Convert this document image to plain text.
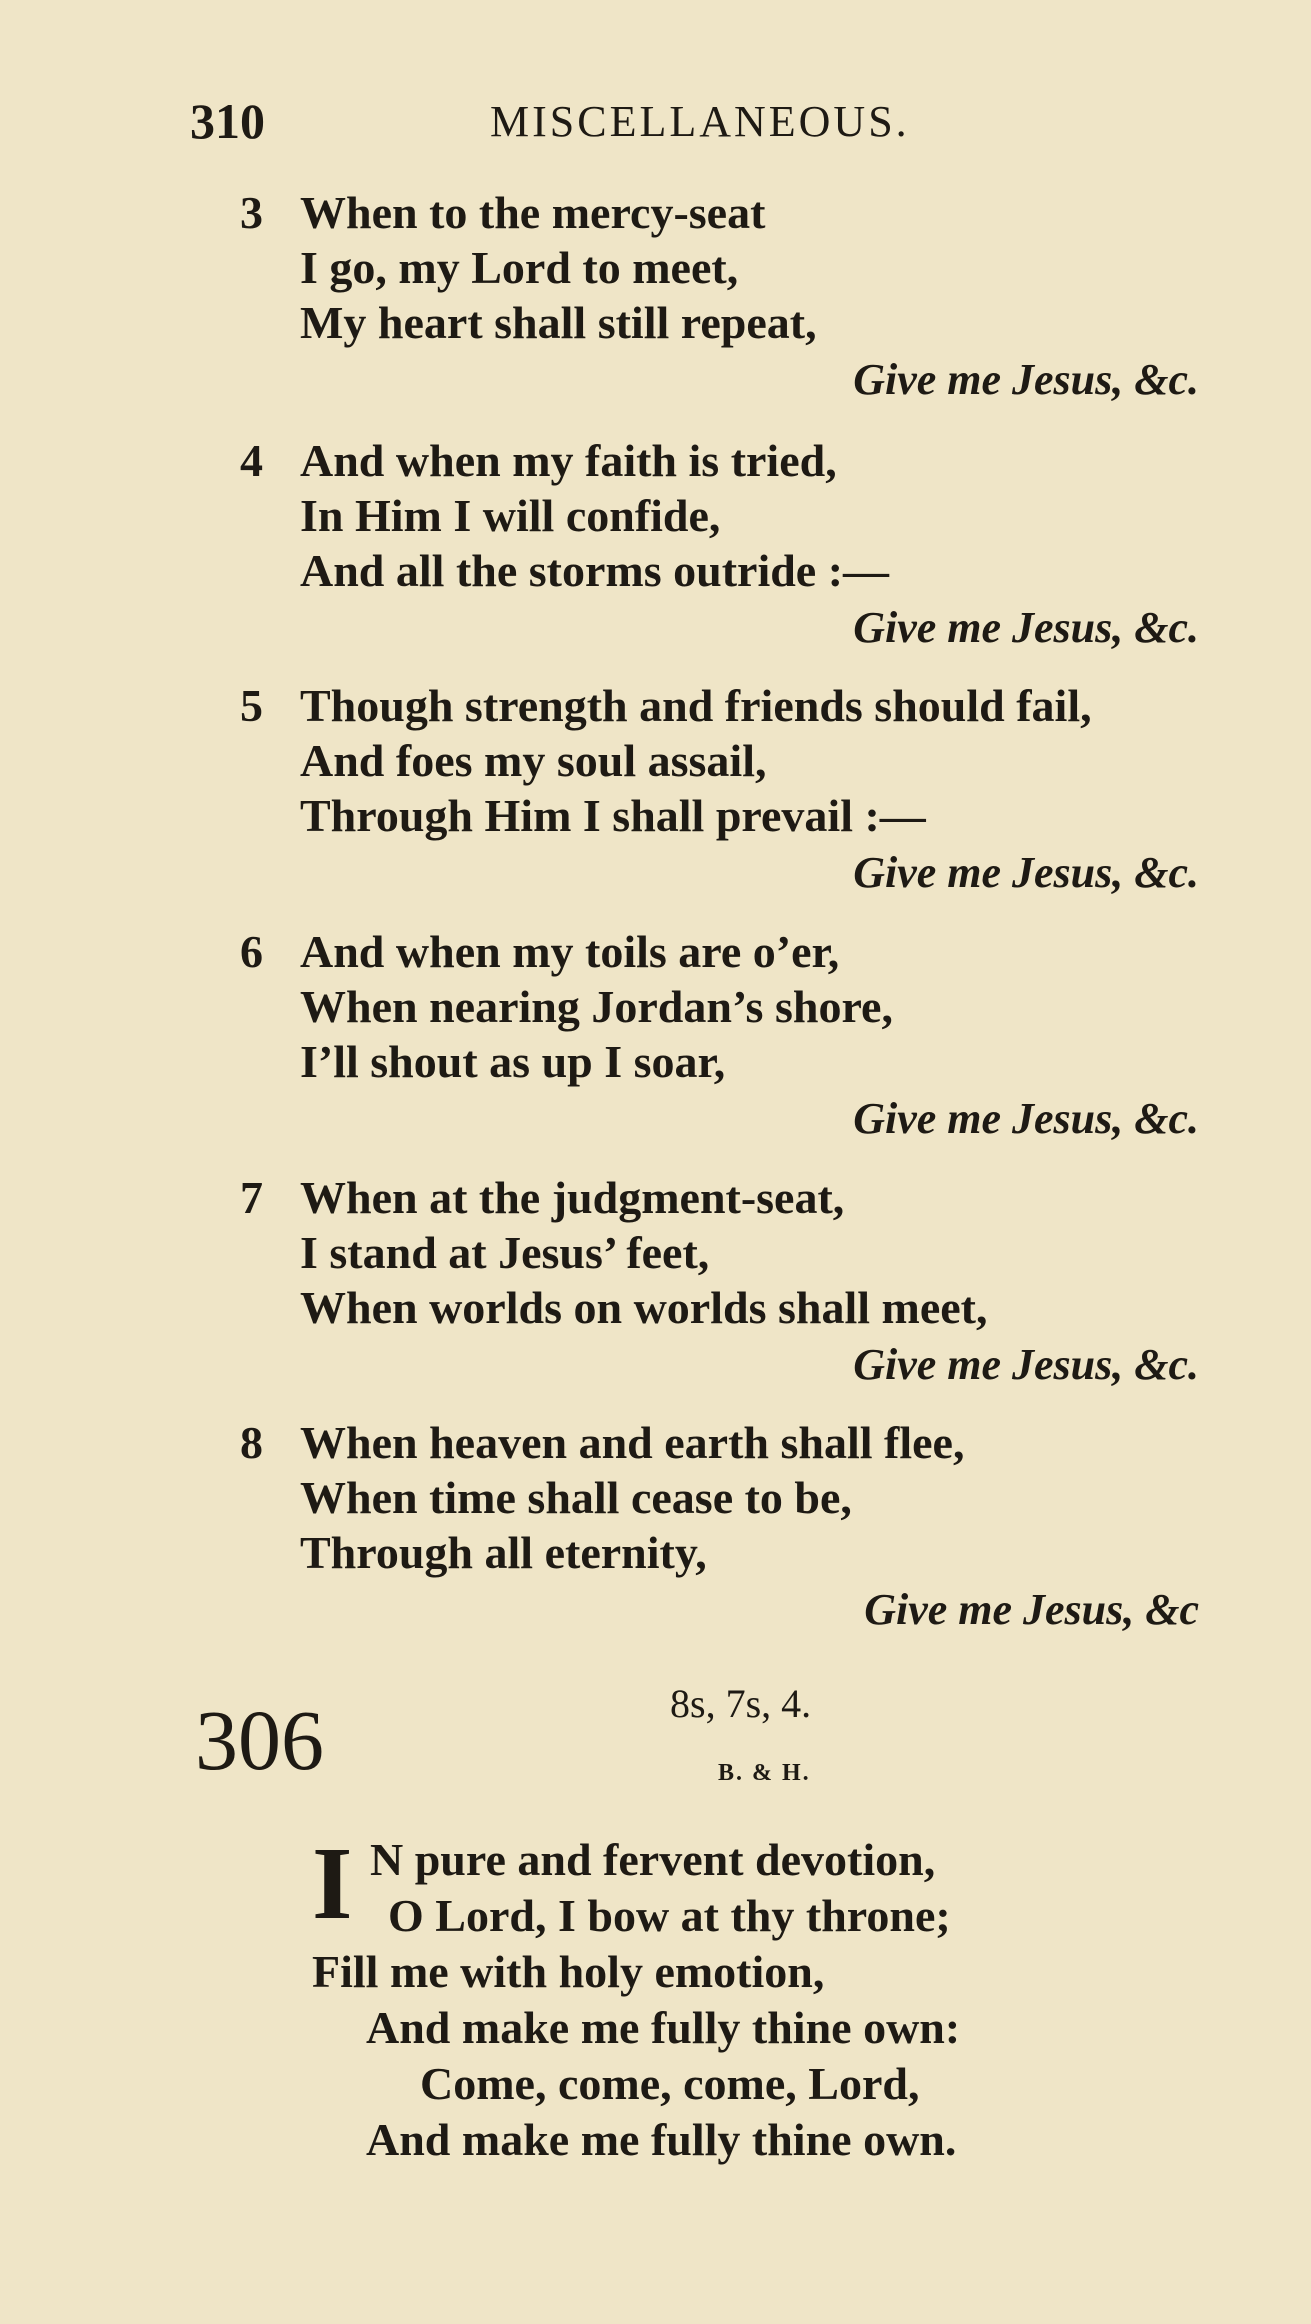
310	MISCELLANEOUS.
3 When to the mercy-seat
I go, my Lord to meet,
My heart shall still repeat,
Give me Jesus, &c.
4 And when my faith is tried,
In Him I will confide,
And all the storms outride :—
Give me Jesus, &c.
5 Though strength and friends should fail,
And foes my soul assail,
Through Him I shall prevail :—
Give me Jesus, &c.
6 And when my toils are o’er,
When nearing Jordan’s shore,
I’ll shout as up I soar,
Give me Jesus, &c.
7 When at the judgment-seat,
I stand at Jesus’ feet,
When worlds on worlds shall meet,
Give me Jesus, &c.
8 When heaven and earth shall flee,
When time shall cease to be,
Through all eternity,
Give me Jesus, &c
306	8s, 7s, 4.
B. & H.
I N pure and fervent devotion,
O Lord, I bow at thy throne;
Fill me with holy emotion,
And make me fully thine own:
Come, come, come, Lord,
And make me fully thine own.
